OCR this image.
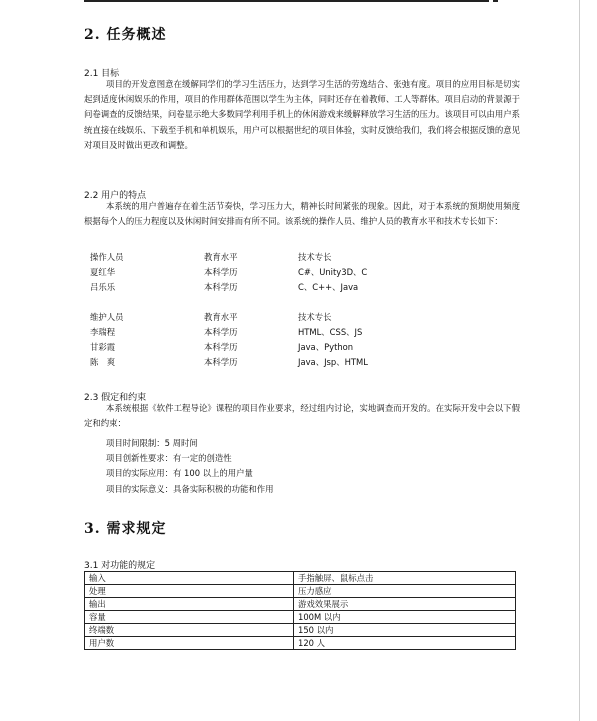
2. 任务概述
2.1 目标

项目的开发意图意在缓解同学们的学习生活压力，达到学习生活的劳逸结合、张弛有度。项目的应用目标是切实起到适度休闲娱乐的作用，项目的作用群体范围以学生为主体，同时还存在着教师、工人等群体。项目启动的背景源于问卷调查的反馈结果，问卷显示绝大多数同学利用手机上的休闲游戏来缓解释放学习生活的压力。该项目可以由用户系统直接在线娱乐、下载至手机和单机娱乐，用户可以根据世纪的项目体验，实时反馈给我们，我们将会根据反馈的意见对项目及时做出更改和调整。

2.2 用户的特点

本系统的用户普遍存在着生活节奏快，学习压力大，精神长时间紧张的现象。因此，对于本系统的预期使用频度根据每个人的压力程度以及休闲时间安排而有所不同。该系统的操作人员、维护人员的教育水平和技术专长如下：

操作人员	教育水平	技术专长
夏红华	本科学历	C#、Unity3D、C
吕乐乐	本科学历	C、C++、Java
维护人员	教育水平	技术专长
李瑞程	本科学历	HTML、CSS、JS
甘彩霞	本科学历	Java、Python
陈　爽	本科学历	Java、Jsp、HTML
2.3 假定和约束

本系统根据《软件工程导论》课程的项目作业要求，经过组内讨论，实地调查而开发的。在实际开发中会以下假定和约束：

项目时间限制：5 周时间
项目创新性要求：有一定的创造性
项目的实际应用：有 100 以上的用户量
项目的实际意义：具备实际积极的功能和作用
3. 需求规定
3.1 对功能的规定
输入	手指触屏、鼠标点击
处理	压力感应
输出	游戏效果展示
容量	100M 以内
终端数	150 以内
用户数	120 人
